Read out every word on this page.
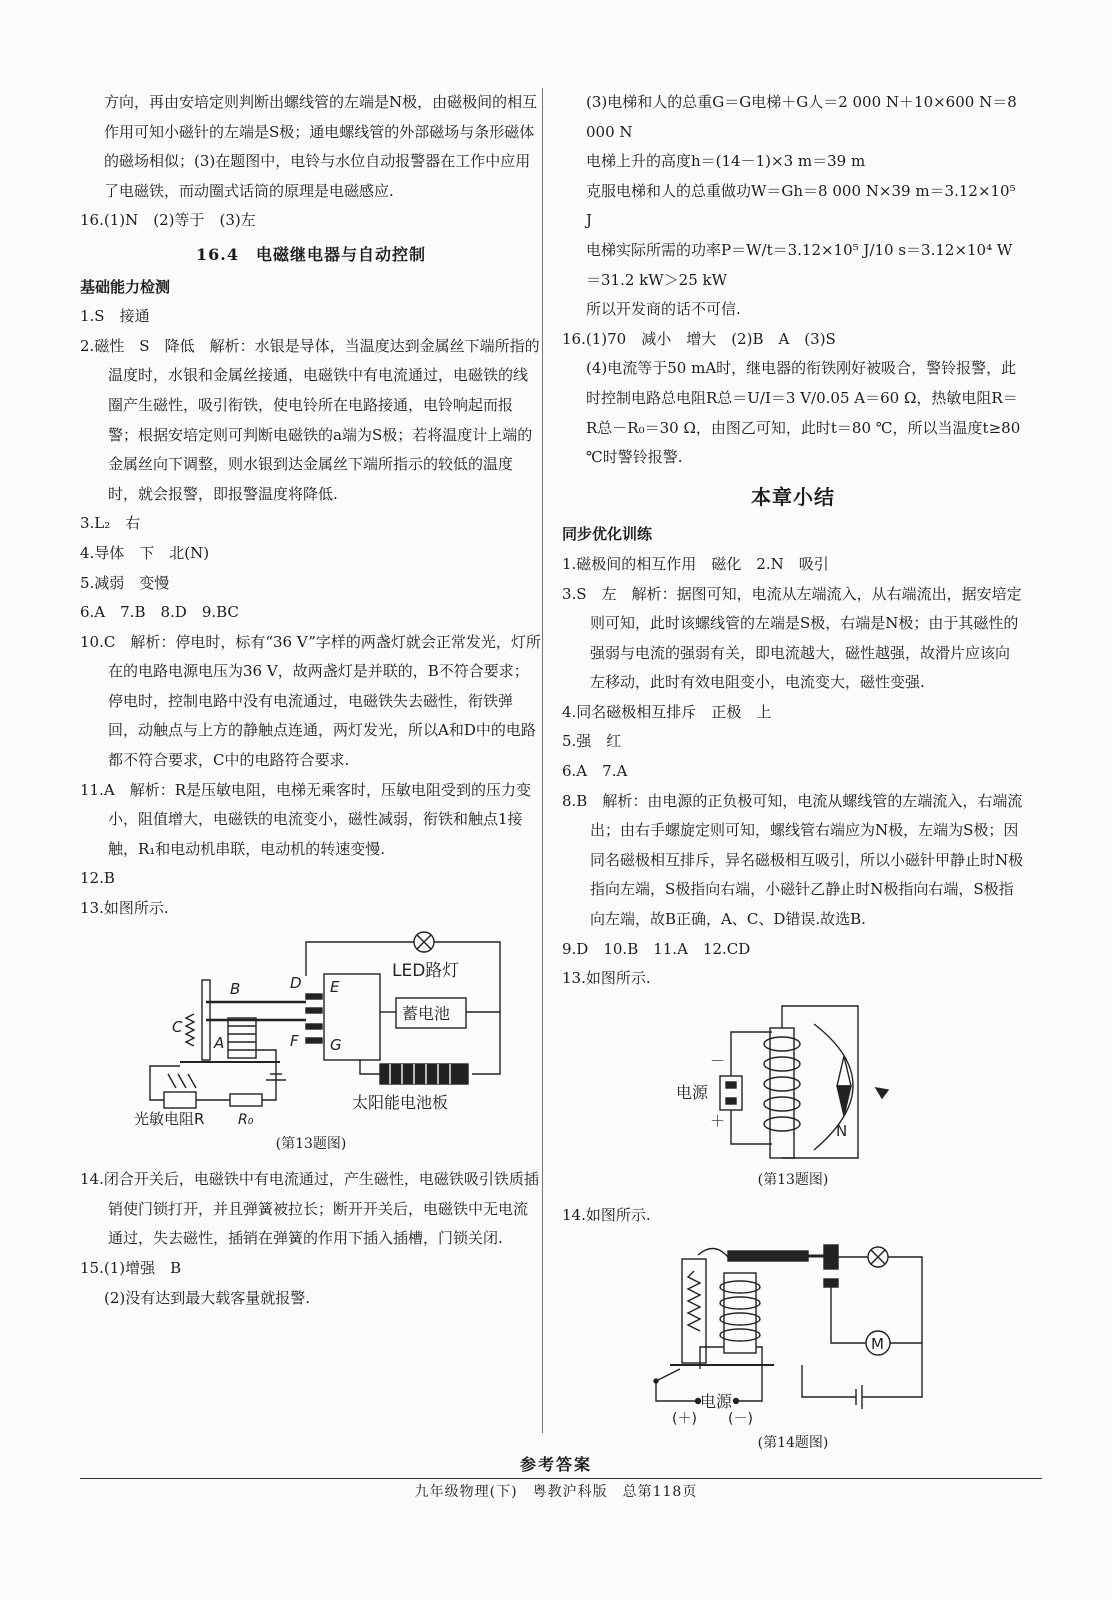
方向，再由安培定则判断出螺线管的左端是N极，由磁极间的相互作用可知小磁针的左端是S极；通电螺线管的外部磁场与条形磁体的磁场相似；(3)在题图中，电铃与水位自动报警器在工作中应用了电磁铁，而动圈式话筒的原理是电磁感应.

16.(1)N　(2)等于　(3)左

16.4　电磁继电器与自动控制
基础能力检测

1.S　接通

2.磁性　S　降低　解析：水银是导体，当温度达到金属丝下端所指的温度时，水银和金属丝接通，电磁铁中有电流通过，电磁铁的线圈产生磁性，吸引衔铁，使电铃所在电路接通，电铃响起而报警；根据安培定则可判断电磁铁的a端为S极；若将温度计上端的金属丝向下调整，则水银到达金属丝下端所指示的较低的温度时，就会报警，即报警温度将降低.

3.L₂　右

4.导体　下　北(N)

5.减弱　变慢

6.A　7.B　8.D　9.BC

10.C　解析：停电时，标有“36 V”字样的两盏灯就会正常发光，灯所在的电路电源电压为36 V，故两盏灯是并联的，B不符合要求；停电时，控制电路中没有电流通过，电磁铁失去磁性，衔铁弹回，动触点与上方的静触点连通，两灯发光，所以A和D中的电路都不符合要求，C中的电路符合要求.

11.A　解析：R是压敏电阻，电梯无乘客时，压敏电阻受到的压力变小，阻值增大，电磁铁的电流变小，磁性减弱，衔铁和触点1接触，R₁和电动机串联，电动机的转速变慢.

12.B

13.如图所示.

LED路灯
蓄电池
E
G
D
F
B
C
A
R₀
光敏电阻R
太阳能电池板
(第13题图)

14.闭合开关后，电磁铁中有电流通过，产生磁性，电磁铁吸引铁质插销使门锁打开，并且弹簧被拉长；断开开关后，电磁铁中无电流通过，失去磁性，插销在弹簧的作用下插入插槽，门锁关闭.

15.(1)增强　B

(2)没有达到最大载客量就报警.

(3)电梯和人的总重G＝G电梯＋G人＝2 000 N＋10×600 N＝8 000 N

电梯上升的高度h＝(14－1)×3 m＝39 m

克服电梯和人的总重做功W＝Gh＝8 000 N×39 m＝3.12×10⁵ J

电梯实际所需的功率P＝W/t＝3.12×10⁵ J/10 s＝3.12×10⁴ W＝31.2 kW＞25 kW

所以开发商的话不可信.

16.(1)70　减小　增大　(2)B　A　(3)S

(4)电流等于50 mA时，继电器的衔铁刚好被吸合，警铃报警，此时控制电路总电阻R总＝U/I＝3 V/0.05 A＝60 Ω，热敏电阻R＝R总－R₀＝30 Ω，由图乙可知，此时t＝80 ℃，所以当温度t≥80 ℃时警铃报警.

本章小结
同步优化训练

1.磁极间的相互作用　磁化　2.N　吸引

3.S　左　解析：据图可知，电流从左端流入，从右端流出，据安培定则可知，此时该螺线管的左端是S极，右端是N极；由于其磁性的强弱与电流的强弱有关，即电流越大，磁性越强，故滑片应该向左移动，此时有效电阻变小，电流变大，磁性变强.

4.同名磁极相互排斥　正极　上

5.强　红

6.A　7.A

8.B　解析：由电源的正负极可知，电流从螺线管的左端流入，右端流出；由右手螺旋定则可知，螺线管右端应为N极，左端为S极；因同名磁极相互排斥，异名磁极相互吸引，所以小磁针甲静止时N极指向左端，S极指向右端，小磁针乙静止时N极指向右端，S极指向左端，故B正确，A、C、D错误.故选B.

9.D　10.B　11.A　12.CD

13.如图所示.

－
＋
电源
N
(第13题图)

14.如图所示.

M
电源
(＋) (－)
(第14题图)
参考答案
九年级物理(下)　粤教沪科版　总第118页
